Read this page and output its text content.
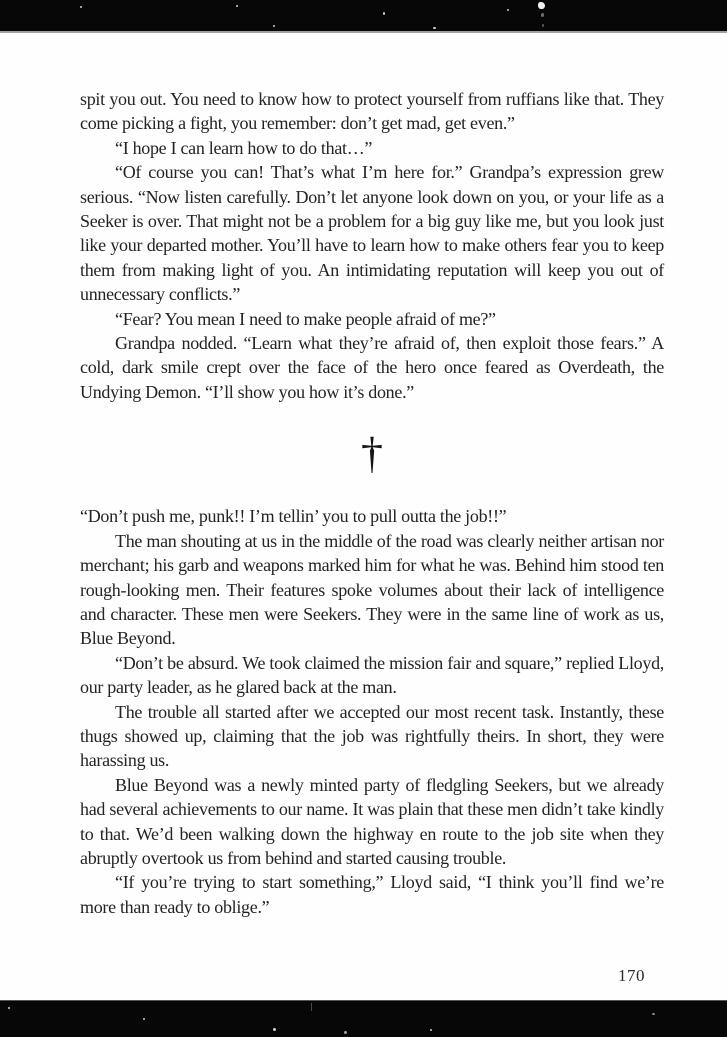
spit you out. You need to know how to protect yourself from ruffians like that. They come picking a fight, you remember: don’t get mad, get even.”

“I hope I can learn how to do that…”

“Of course you can! That’s what I’m here for.” Grandpa’s expression grew serious. “Now listen carefully. Don’t let anyone look down on you, or your life as a Seeker is over. That might not be a problem for a big guy like me, but you look just like your departed mother. You’ll have to learn how to make others fear you to keep them from making light of you. An intimidating reputation will keep you out of unnecessary conflicts.”

“Fear? You mean I need to make people afraid of me?”

Grandpa nodded. “Learn what they’re afraid of, then exploit those fears.” A cold, dark smile crept over the face of the hero once feared as Overdeath, the Undying Demon. “I’ll show you how it’s done.”

†

“Don’t push me, punk!! I’m tellin’ you to pull outta the job!!”

The man shouting at us in the middle of the road was clearly neither artisan nor merchant; his garb and weapons marked him for what he was. Behind him stood ten rough-looking men. Their features spoke volumes about their lack of intelligence and character. These men were Seekers. They were in the same line of work as us, Blue Beyond.

“Don’t be absurd. We took claimed the mission fair and square,” replied Lloyd, our party leader, as he glared back at the man.

The trouble all started after we accepted our most recent task. Instantly, these thugs showed up, claiming that the job was rightfully theirs. In short, they were harassing us.

Blue Beyond was a newly minted party of fledgling Seekers, but we already had several achievements to our name. It was plain that these men didn’t take kindly to that. We’d been walking down the highway en route to the job site when they abruptly overtook us from behind and started causing trouble.

“If you’re trying to start something,” Lloyd said, “I think you’ll find we’re more than ready to oblige.”

170
